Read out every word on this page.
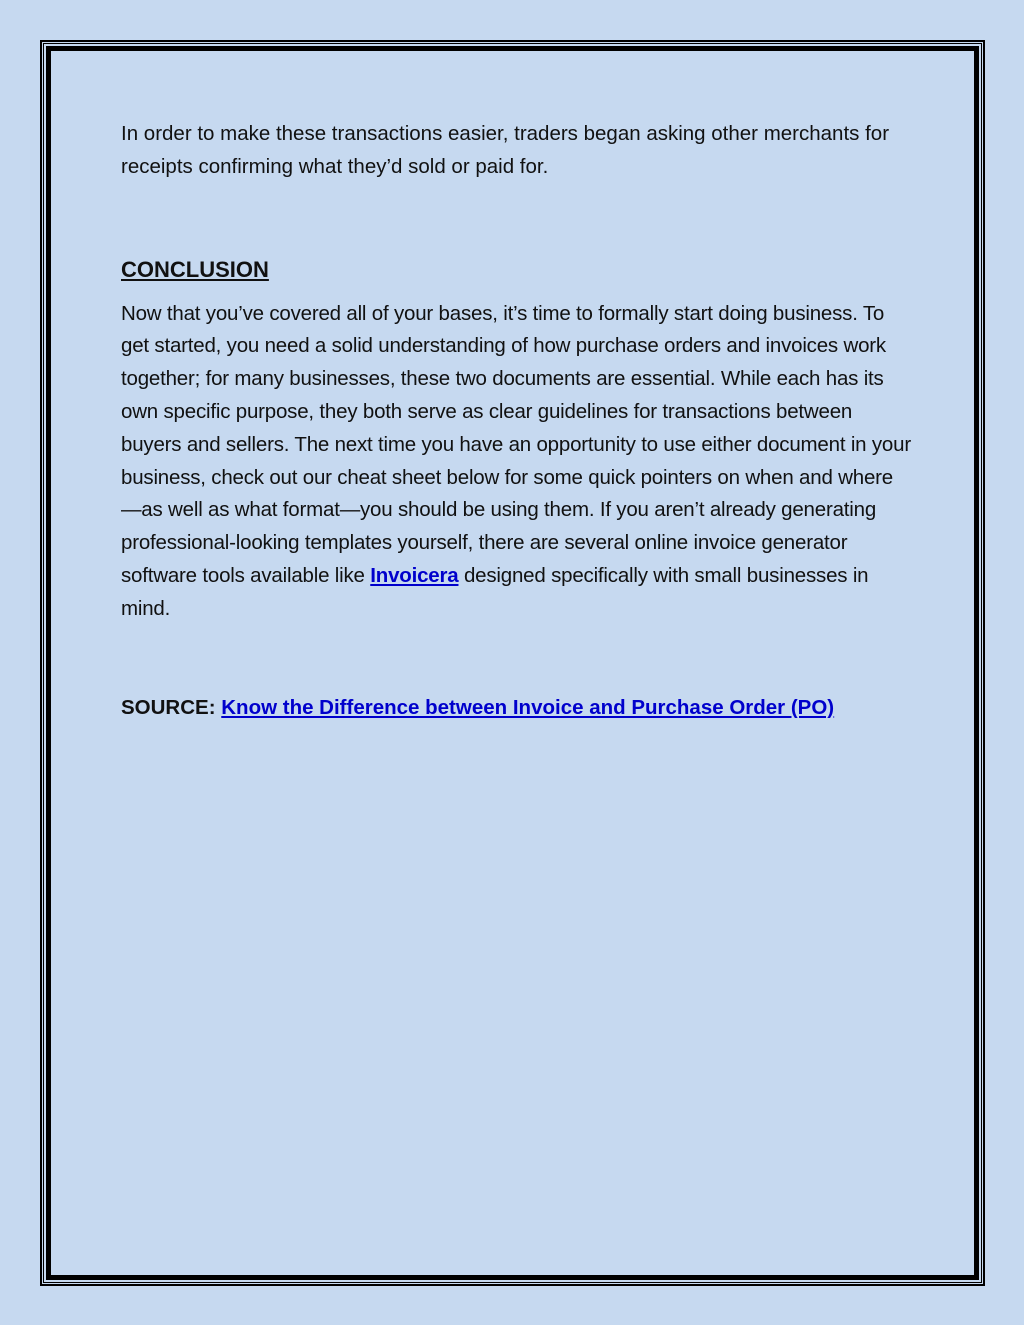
In order to make these transactions easier, traders began asking other merchants for receipts confirming what they’d sold or paid for.

CONCLUSION

Now that you’ve covered all of your bases, it’s time to formally start doing business. To get started, you need a solid understanding of how purchase orders and invoices work together; for many businesses, these two documents are essential. While each has its own specific purpose, they both serve as clear guidelines for transactions between buyers and sellers. The next time you have an opportunity to use either document in your business, check out our cheat sheet below for some quick pointers on when and where—as well as what format—you should be using them. If you aren’t already generating professional-looking templates yourself, there are several online invoice generator software tools available like Invoicera designed specifically with small businesses in mind.

SOURCE: Know the Difference between Invoice and Purchase Order (PO)
